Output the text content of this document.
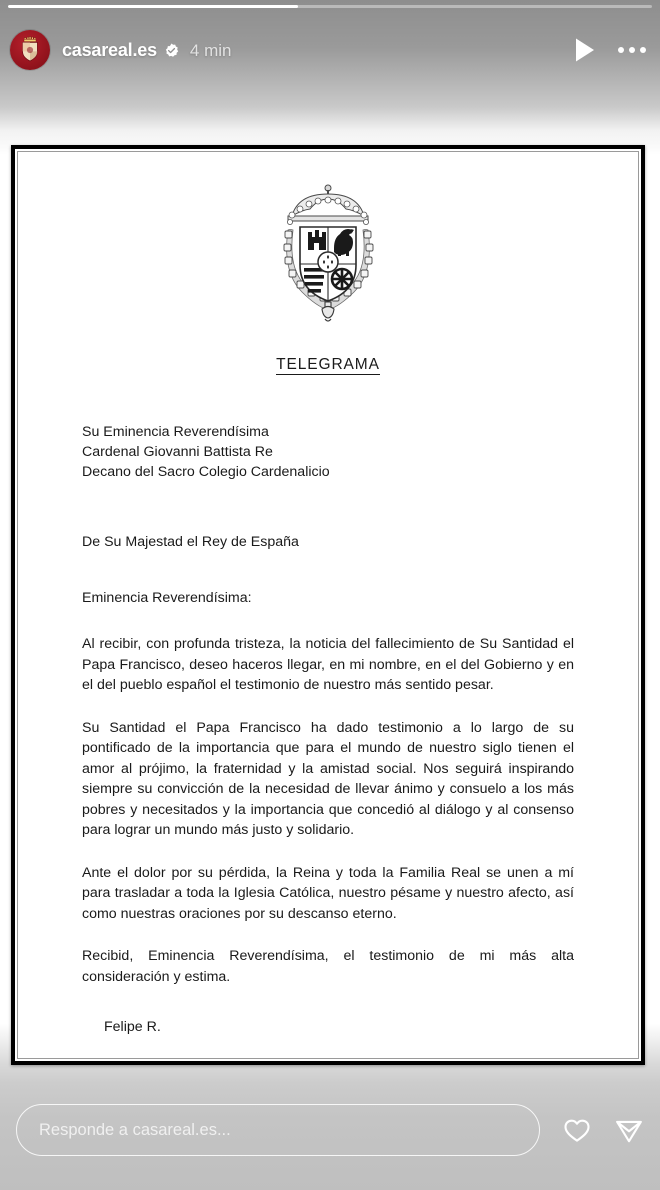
casareal.es 4 min
TELEGRAMA
Su Eminencia Reverendísima
Cardenal Giovanni Battista Re
Decano del Sacro Colegio Cardenalicio
De Su Majestad el Rey de España
Eminencia Reverendísima:

Al recibir, con profunda tristeza, la noticia del fallecimiento de Su Santidad el Papa Francisco, deseo haceros llegar, en mi nombre, en el del Gobierno y en el del pueblo español el testimonio de nuestro más sentido pesar.

Su Santidad el Papa Francisco ha dado testimonio a lo largo de su pontificado de la importancia que para el mundo de nuestro siglo tienen el amor al prójimo, la fraternidad y la amistad social. Nos seguirá inspirando siempre su convicción de la necesidad de llevar ánimo y consuelo a los más pobres y necesitados y la importancia que concedió al diálogo y al consenso para lograr un mundo más justo y solidario.

Ante el dolor por su pérdida, la Reina y toda la Familia Real se unen a mí para trasladar a toda la Iglesia Católica, nuestro pésame y nuestro afecto, así como nuestras oraciones por su descanso eterno.

Recibid, Eminencia Reverendísima, el testimonio de mi más alta consideración y estima.

Felipe R.
Responde a casareal.es...
